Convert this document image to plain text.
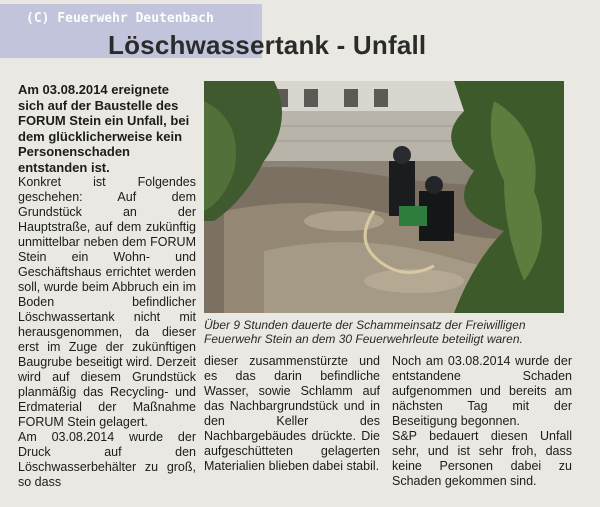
(C) Feuerwehr Deutenbach
Löschwassertank - Unfall

Am 03.08.2014 ereignete sich auf der Baustelle des FORUM Stein ein Unfall, bei dem glücklicherweise kein Personenschaden entstanden ist.

Konkret ist Folgendes geschehen: Auf dem Grundstück an der Hauptstraße, auf dem zukünftig unmittelbar neben dem FORUM Stein ein Wohn- und Geschäftshaus errichtet werden soll, wurde beim Abbruch ein im Boden befindlicher Löschwassertank nicht mit herausgenommen, da dieser erst im Zuge der zukünftigen Baugrube beseitigt wird. Derzeit wird auf diesem Grundstück planmäßig das Recycling- und Erdmaterial der Maßnahme FORUM Stein gelagert.

Am 03.08.2014 wurde der Druck auf den Löschwasserbehälter zu groß, so dass

Über 9 Stunden dauerte der Schammeinsatz der Freiwilligen Feuerwehr Stein an dem 30 Feuerwehrleute beteiligt waren.

dieser zusammenstürzte und es das darin befindliche Wasser, sowie Schlamm auf das Nachbargrundstück und in den Keller des Nachbargebäudes drückte. Die aufgeschütteten gelagerten Materialien blieben dabei stabil.

Noch am 03.08.2014 wurde der entstandene Schaden aufgenommen und bereits am nächsten Tag mit der Beseitigung begonnen.

S&P bedauert diesen Unfall sehr, und ist sehr froh, dass keine Personen dabei zu Schaden gekommen sind.
